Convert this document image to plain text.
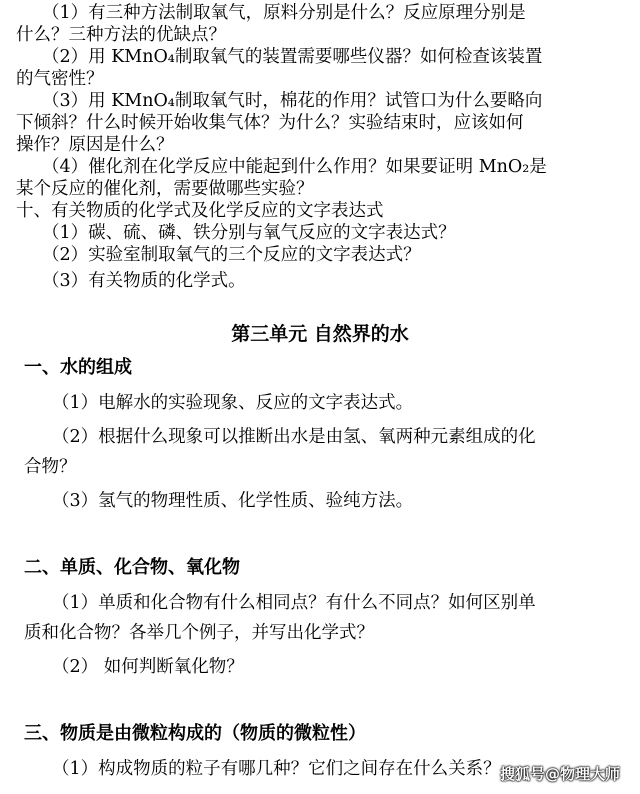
（1）有三种方法制取氧气，原料分别是什么？反应原理分别是
什么？三种方法的优缺点？
（2）用 KMnO₄制取氧气的装置需要哪些仪器？如何检查该装置
的气密性？
（3）用 KMnO₄制取氧气时，棉花的作用？试管口为什么要略向
下倾斜？什么时候开始收集气体？为什么？实验结束时，应该如何
操作？原因是什么？
（4）催化剂在化学反应中能起到什么作用？如果要证明 MnO₂是
某个反应的催化剂，需要做哪些实验？
十、有关物质的化学式及化学反应的文字表达式
（1）碳、硫、磷、铁分别与氧气反应的文字表达式？
（2）实验室制取氧气的三个反应的文字表达式？
（3）有关物质的化学式。
第三单元 自然界的水
一、水的组成
（1）电解水的实验现象、反应的文字表达式。
（2）根据什么现象可以推断出水是由氢、氧两种元素组成的化
合物？
（3）氢气的物理性质、化学性质、验纯方法。
二、单质、化合物、氧化物
（1）单质和化合物有什么相同点？有什么不同点？如何区别单
质和化合物？各举几个例子，并写出化学式？
（2） 如何判断氧化物？
三、物质是由微粒构成的（物质的微粒性）
（1）构成物质的粒子有哪几种？它们之间存在什么关系？ 搜狐号@物理大师
